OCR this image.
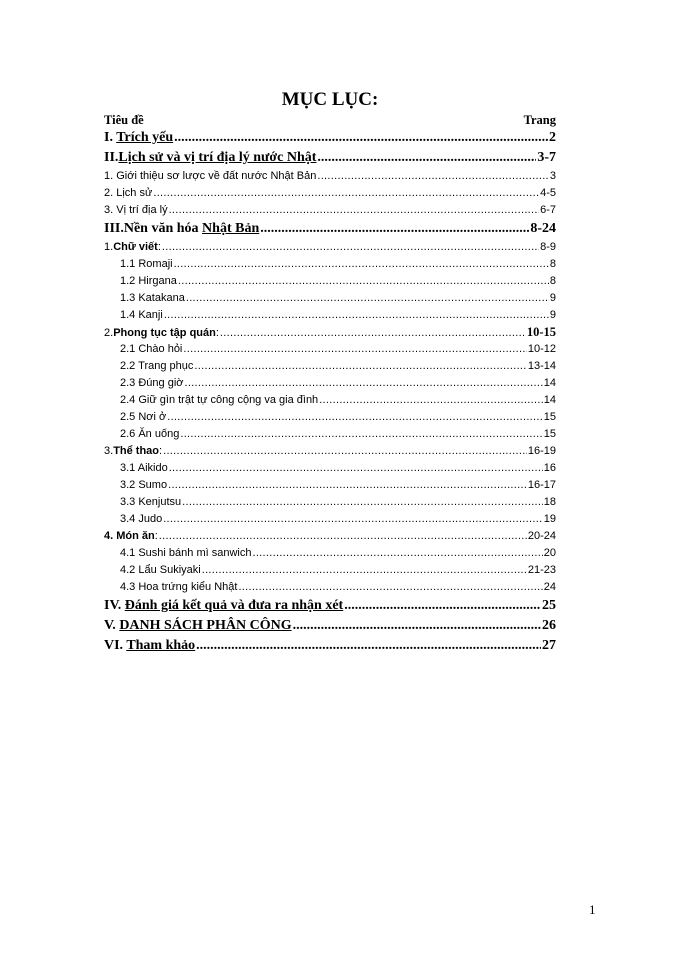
MỤC LỤC:
Tiêu đề	Trang
I. Trích yếu .....	2
II.Lịch sử và vị trí địa lý nước Nhật .....	3-7
1. Giới thiệu sơ lược về đất nước Nhật Bản .....	3
2. Lịch sử .....	4-5
3. Vị trí địa lý .....	6-7
III.Nền văn hóa Nhật Bản .....	8-24
1.Chữ viết: .....	8-9
1.1 Romaji .....	8
1.2 Hirgana .....	8
1.3 Katakana .....	9
1.4 Kanji .....	9
2.Phong tục tập quán: .....	10-15
2.1 Chào hỏi .....	10-12
2.2 Trang phục .....	13-14
2.3 Đúng giờ .....	14
2.4 Giữ gìn trật tự công cộng va gia đình .....	14
2.5 Nơi ở .....	15
2.6 Ăn uống .....	15
3.Thể thao: .....	16-19
3.1 Aikido .....	16
3.2 Sumo .....	16-17
3.3 Kenjutsu .....	18
3.4 Judo .....	19
4. Món ăn: .....	20-24
4.1 Sushi bánh mì sanwich .....	20
4.2 Lẩu Sukiyaki .....	21-23
4.3 Hoa trứng kiểu Nhật .....	24
IV. Đánh giá kết quả và đưa ra nhận xét .....	25
V. DANH SÁCH PHÂN CÔNG .....	26
VI. Tham khảo .....	27
1
